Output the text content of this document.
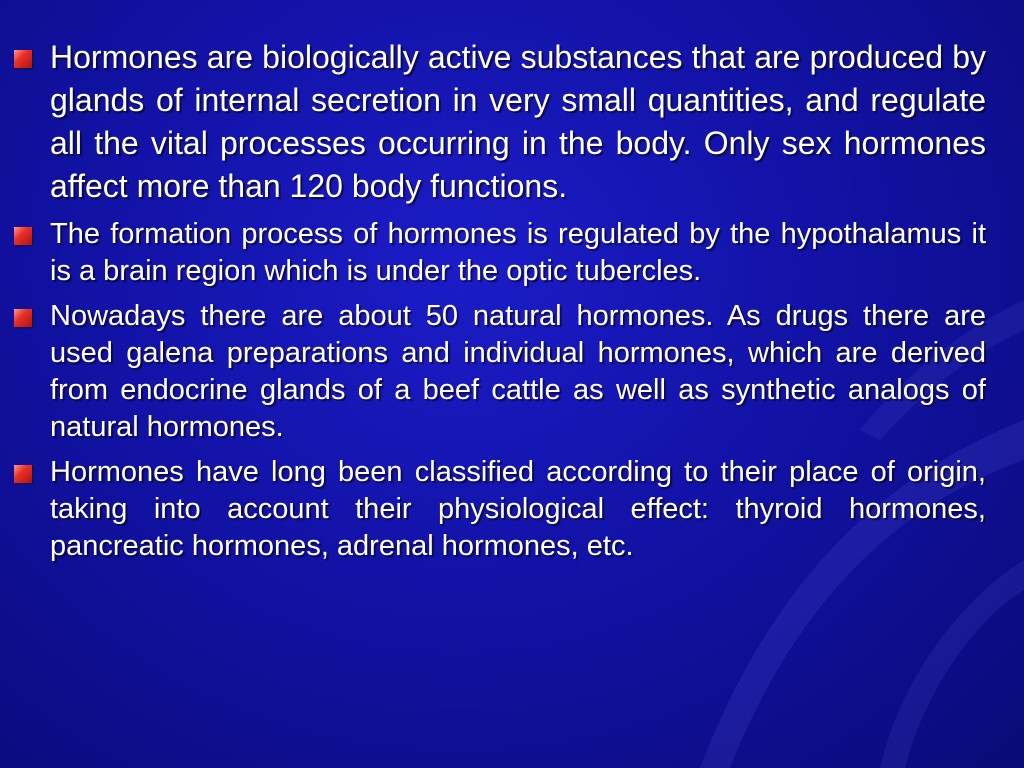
Hormones are biologically active substances that are produced by glands of internal secretion in very small quantities, and regulate all the vital processes occurring in the body. Only sex hormones affect more than 120 body functions.
The formation process of hormones is regulated by the hypothalamus it is a brain region which is under the optic tubercles.
Nowadays there are about 50 natural hormones. As drugs there are used galena preparations and individual hormones, which are derived from endocrine glands of a beef cattle as well as synthetic analogs of natural hormones.
Hormones have long been classified according to their place of origin, taking into account their physiological effect: thyroid hormones, pancreatic hormones, adrenal hormones, etc.
